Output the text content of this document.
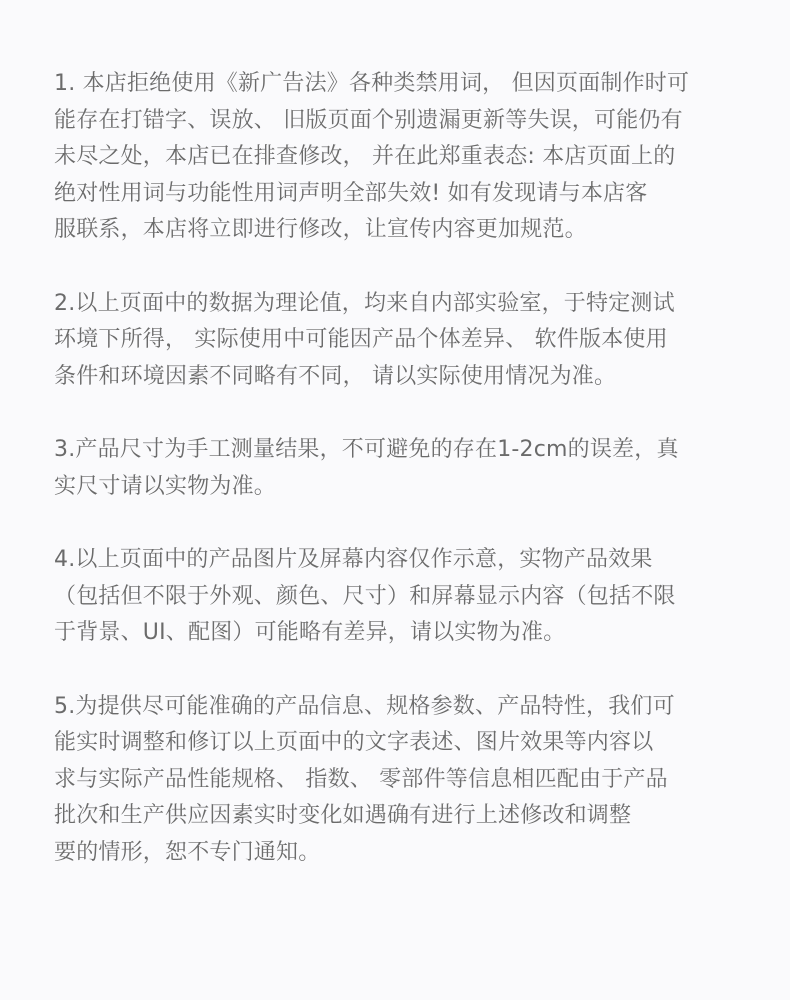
1. 本店拒绝使用《新广告法》各种类禁用词， 但因页面制作时可
能存在打错字、误放、 旧版页面个别遗漏更新等失误，可能仍有
未尽之处，本店已在排查修改， 并在此郑重表态: 本店页面上的
绝对性用词与功能性用词声明全部失效! 如有发现请与本店客
服联系，本店将立即进行修改，让宣传内容更加规范。
2.以上页面中的数据为理论值，均来自内部实验室，于特定测试
环境下所得， 实际使用中可能因产品个体差异、 软件版本使用
条件和环境因素不同略有不同， 请以实际使用情况为准。
3.产品尺寸为手工测量结果，不可避免的存在1-2cm的误差，真
实尺寸请以实物为准。
4.以上页面中的产品图片及屏幕内容仅作示意，实物产品效果
（包括但不限于外观、颜色、尺寸）和屏幕显示内容（包括不限
于背景、UI、配图）可能略有差异，请以实物为准。
5.为提供尽可能准确的产品信息、规格参数、产品特性，我们可
能实时调整和修订以上页面中的文字表述、图片效果等内容以
求与实际产品性能规格、 指数、 零部件等信息相匹配由于产品
批次和生产供应因素实时变化如遇确有进行上述修改和调整
要的情形，恕不专门通知。
